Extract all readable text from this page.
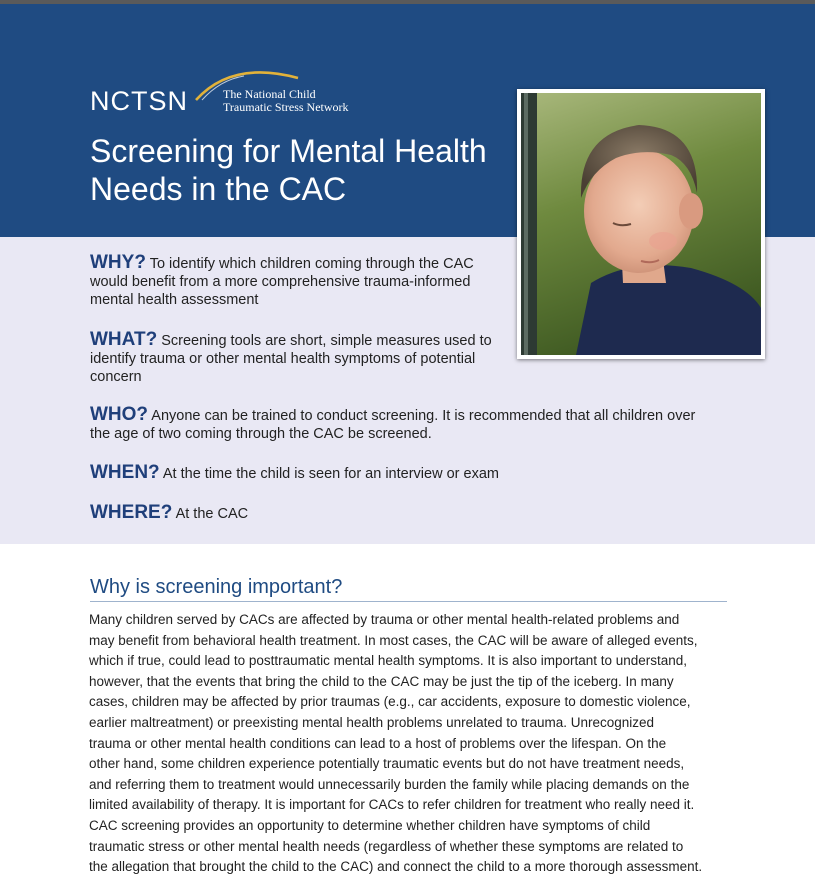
NCTSN	The National Child
Traumatic Stress Network
Screening for Mental Health
Needs in the CAC
WHY? To identify which children coming through the CAC
would benefit from a more comprehensive trauma-informed
mental health assessment
WHAT? Screening tools are short, simple measures used to
identify trauma or other mental health symptoms of potential
concern
WHO? Anyone can be trained to conduct screening. It is recommended that all children over
the age of two coming through the CAC be screened.
WHEN? At the time the child is seen for an interview or exam
WHERE? At the CAC
Why is screening important?
Many children served by CACs are affected by trauma or other mental health-related problems and
may benefit from behavioral health treatment. In most cases, the CAC will be aware of alleged events,
which if true, could lead to posttraumatic mental health symptoms. It is also important to understand,
however, that the events that bring the child to the CAC may be just the tip of the iceberg. In many
cases, children may be affected by prior traumas (e.g., car accidents, exposure to domestic violence,
earlier maltreatment) or preexisting mental health problems unrelated to trauma. Unrecognized
trauma or other mental health conditions can lead to a host of problems over the lifespan. On the
other hand, some children experience potentially traumatic events but do not have treatment needs,
and referring them to treatment would unnecessarily burden the family while placing demands on the
limited availability of therapy. It is important for CACs to refer children for treatment who really need it.
CAC screening provides an opportunity to determine whether children have symptoms of child
traumatic stress or other mental health needs (regardless of whether these symptoms are related to
the allegation that brought the child to the CAC) and connect the child to a more thorough assessment.
